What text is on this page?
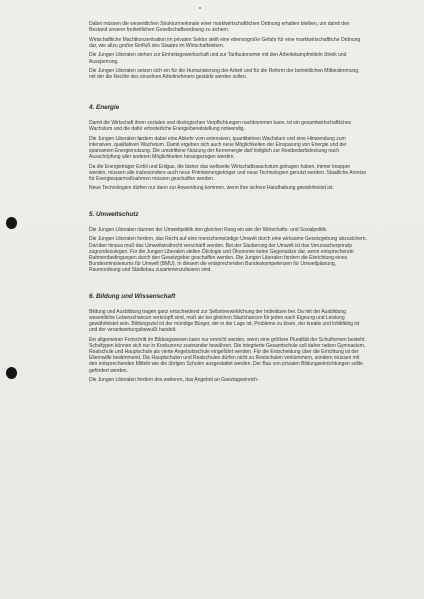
Dabei müssen die wesentlichen Strukturmerkmale einer marktwirtschaftlichen Ordnung erhalten bleiben, um damit den Bestand unserer freiheitlichen Gesellschaftsordnung zu sichern.

Wirtschaftliche Machtkonzentration im privaten Sektor stellt eine ebensogroße Gefahr für eine marktwirtschaftliche Ordnung dar, wie allzu großer Einfluß des Staates im Wirtschaftsleben.

Die Jungen Liberalen stehen zur Einheitsgewerkschaft und zur Tarifautonomie mit den Arbeitskampfmitteln Streik und Aussperrung.

Die Jungen Liberalen setzen sich ein für die Humanisierung der Arbeit und für die Reform der betrieblichen Mitbestimmung, mit der die Rechte des einzelnen Arbeitnehmers gestärkt werden sollen.

4. Energie

Damit die Wirtschaft ihren sozialen und ökologischen Verpflichtungen nachkommen kann, ist ein gesamtwirtschaftliches Wachstum und die dafür erforderliche Energiebereitstellung notwendig.

Die Jungen Liberalen fordern dabei eine Abkehr vom extensiven, quantitativen Wachstum und eine Hinwendung zum intensiven, qualitativen Wachstum. Damit ergeben sich auch neue Möglichkeiten der Einsparung von Energie und der sparsamen Energienutzung. Die umstrittene Nutzung der Kernenergie darf lediglich zur Restbedarfsdeckung nach Ausschöpfung aller anderen Möglichkeiten herangezogen werden.

Da die Energieträger Erdöl und Erdgas, die bisher das weltweite Wirtschaftswachstum getragen haben, immer knapper werden, müssen alle insbesondere auch neue Primärenergieträger und neue Technologien genutzt werden. Staatliche Anreize für Energiesparmaßnahmen müssen geschaffen werden.

Neue Technologien dürfen nur dann zur Anwendung kommen, wenn ihre sichere Handhabung gewährleistet ist.

5. Umweltschutz

Die Jungen Liberalen räumen der Umweltpolitik den gleichen Rang ein wie der Wirtschafts- und Sozialpolitik.

Die Jungen Liberalen fordern, das Recht auf eine menschenwürdige Umwelt durch eine wirksame Gesetzgebung abzusichern. Darüber hinaus muß das Umweltstrafrecht verschärft werden. Bei der Säuberung der Umwelt ist das Verursacherprinzip zugrundezulegen. Für die Jungen Liberalen stellen Ökologie und Ökonomie keine Gegensätze dar, wenn entsprechende Rahmenbedingungen durch den Gesetzgeber geschaffen werden. Die Jungen Liberalen fordern die Einrichtung eines Bundesministeriums für Umwelt (BMU). In diesem die entsprechenden Bundeskompetenzen für Umweltplanung, Raumordnung und Städtebau zusammenzufassen sind.

6. Bildung und Wissenschaft

Bildung und Ausbildung tragen ganz entscheidend zur Selbstverwirklichung der Individuen bei. Da mit der Ausbildung wesentliche Lebenschancen verknüpft sind, muß sie bei gleichen Startchancen für jeden nach Eignung und Leistung gewährleistet sein. Bildungsziel ist der mündige Bürger, der in der Lage ist, Probleme zu lösen, der kreativ und kritikfähig ist und der verantwortungsbewußt handelt.

Ein allgemeiner Fortschritt im Bildungswesen kann nur erreicht werden, wenn eine größere Pluralität der Schulformen besteht. Schultypen können sich nur in Konkurrenz zueinander bewähren. Die integrierte Gesamtschule soll daher neben Gymnasium, Realschule und Hauptschule als vierte Angebotsschule eingeführt werden. Für die Entscheidung über die Errichtung ist der Elternwille bestimmend. Die Hauptschulen und Realschulen dürfen nicht zu Restschulen verkümmern, sondern müssen mit den entsprechenden Mitteln wie die übrigen Schulen ausgestattet werden. Der Bau von privaten Bildungseinrichtungen sollte gefördert werden.

Die Jungen Liberalen fordern des weiteren, das Angebot an Ganztagseinrich-
